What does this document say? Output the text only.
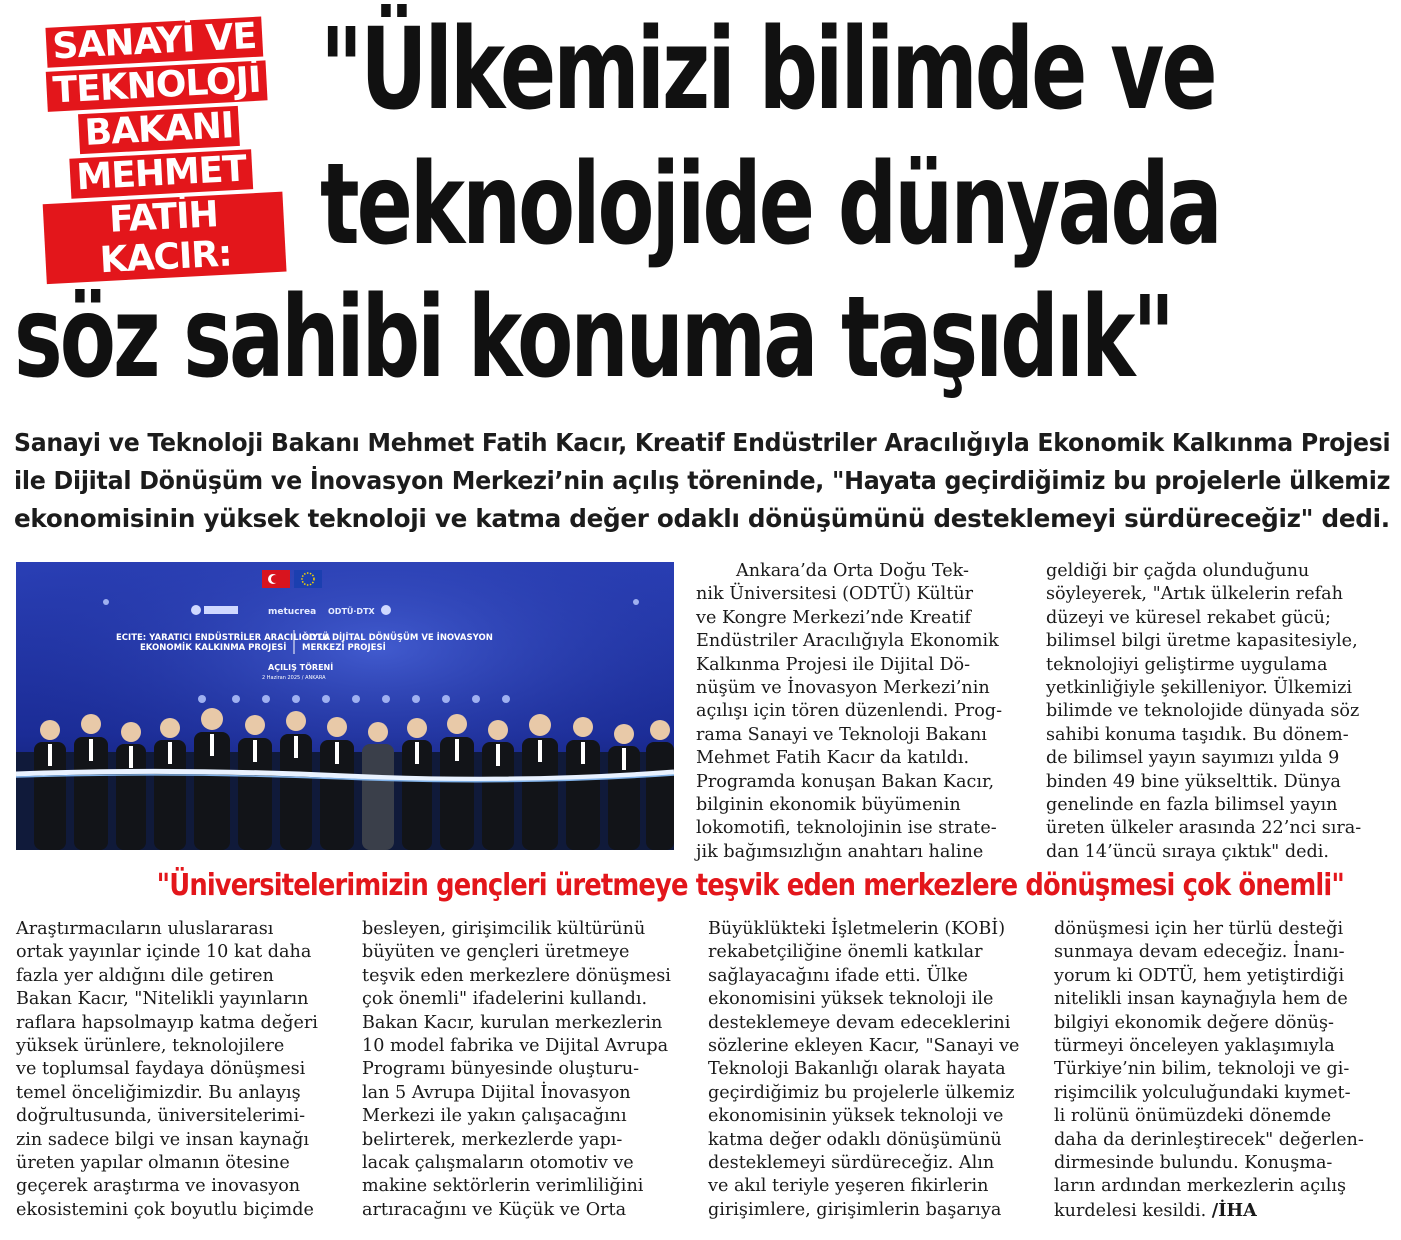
SANAYİ VE
TEKNOLOJİ
BAKANI
MEHMET
FATİH KACIR:
"Ülkemizi bilimde ve
teknolojide dünyada
söz sahibi konuma taşıdık"
Sanayi ve Teknoloji Bakanı Mehmet Fatih Kacır, Kreatif Endüstriler Aracılığıyla Ekonomik Kalkınma Projesi
ile Dijital Dönüşüm ve İnovasyon Merkezi’nin açılış töreninde, "Hayata geçirdiğimiz bu projelerle ülkemiz
ekonomisinin yüksek teknoloji ve katma değer odaklı dönüşümünü desteklemeyi sürdüreceğiz" dedi.
metucrea ODTÜ·DTX
ECITE: YARATICI ENDÜSTRİLER ARACILIĞIYLA
EKONOMİK KALKINMA PROJESİ
ODTÜ DİJİTAL DÖNÜŞÜM VE İNOVASYON
MERKEZİ PROJESİ
AÇILIŞ TÖRENİ
2 Haziran 2025 / ANKARA

Ankara’da Orta Doğu Tek-

nik Üniversitesi (ODTÜ) Kültür

ve Kongre Merkezi’nde Kreatif

Endüstriler Aracılığıyla Ekonomik

Kalkınma Projesi ile Dijital Dö-

nüşüm ve İnovasyon Merkezi’nin

açılışı için tören düzenlendi. Prog-

rama Sanayi ve Teknoloji Bakanı

Mehmet Fatih Kacır da katıldı.

Programda konuşan Bakan Kacır,

bilginin ekonomik büyümenin

lokomotifi, teknolojinin ise strate-

jik bağımsızlığın anahtarı haline

geldiği bir çağda olunduğunu

söyleyerek, "Artık ülkelerin refah

düzeyi ve küresel rekabet gücü;

bilimsel bilgi üretme kapasitesiyle,

teknolojiyi geliştirme uygulama

yetkinliğiyle şekilleniyor. Ülkemizi

bilimde ve teknolojide dünyada söz

sahibi konuma taşıdık. Bu dönem-

de bilimsel yayın sayımızı yılda 9

binden 49 bine yükselttik. Dünya

genelinde en fazla bilimsel yayın

üreten ülkeler arasında 22’nci sıra-

dan 14’üncü sıraya çıktık" dedi.

"Üniversitelerimizin gençleri üretmeye teşvik eden merkezlere dönüşmesi çok önemli"

Araştırmacıların uluslararası

ortak yayınlar içinde 10 kat daha

fazla yer aldığını dile getiren

Bakan Kacır, "Nitelikli yayınların

raflara hapsolmayıp katma değeri

yüksek ürünlere, teknolojilere

ve toplumsal faydaya dönüşmesi

temel önceliğimizdir. Bu anlayış

doğrultusunda, üniversitelerimi-

zin sadece bilgi ve insan kaynağı

üreten yapılar olmanın ötesine

geçerek araştırma ve inovasyon

ekosistemini çok boyutlu biçimde

besleyen, girişimcilik kültürünü

büyüten ve gençleri üretmeye

teşvik eden merkezlere dönüşmesi

çok önemli" ifadelerini kullandı.

Bakan Kacır, kurulan merkezlerin

10 model fabrika ve Dijital Avrupa

Programı bünyesinde oluşturu-

lan 5 Avrupa Dijital İnovasyon

Merkezi ile yakın çalışacağını

belirterek, merkezlerde yapı-

lacak çalışmaların otomotiv ve

makine sektörlerin verimliliğini

artıracağını ve Küçük ve Orta

Büyüklükteki İşletmelerin (KOBİ)

rekabetçiliğine önemli katkılar

sağlayacağını ifade etti. Ülke

ekonomisini yüksek teknoloji ile

desteklemeye devam edeceklerini

sözlerine ekleyen Kacır, "Sanayi ve

Teknoloji Bakanlığı olarak hayata

geçirdiğimiz bu projelerle ülkemiz

ekonomisinin yüksek teknoloji ve

katma değer odaklı dönüşümünü

desteklemeyi sürdüreceğiz. Alın

ve akıl teriyle yeşeren fikirlerin

girişimlere, girişimlerin başarıya

dönüşmesi için her türlü desteği

sunmaya devam edeceğiz. İnanı-

yorum ki ODTÜ, hem yetiştirdiği

nitelikli insan kaynağıyla hem de

bilgiyi ekonomik değere dönüş-

türmeyi önceleyen yaklaşımıyla

Türkiye’nin bilim, teknoloji ve gi-

rişimcilik yolculuğundaki kıymet-

li rolünü önümüzdeki dönemde

daha da derinleştirecek" değerlen-

dirmesinde bulundu. Konuşma-

ların ardından merkezlerin açılış

kurdelesi kesildi. /İHA
